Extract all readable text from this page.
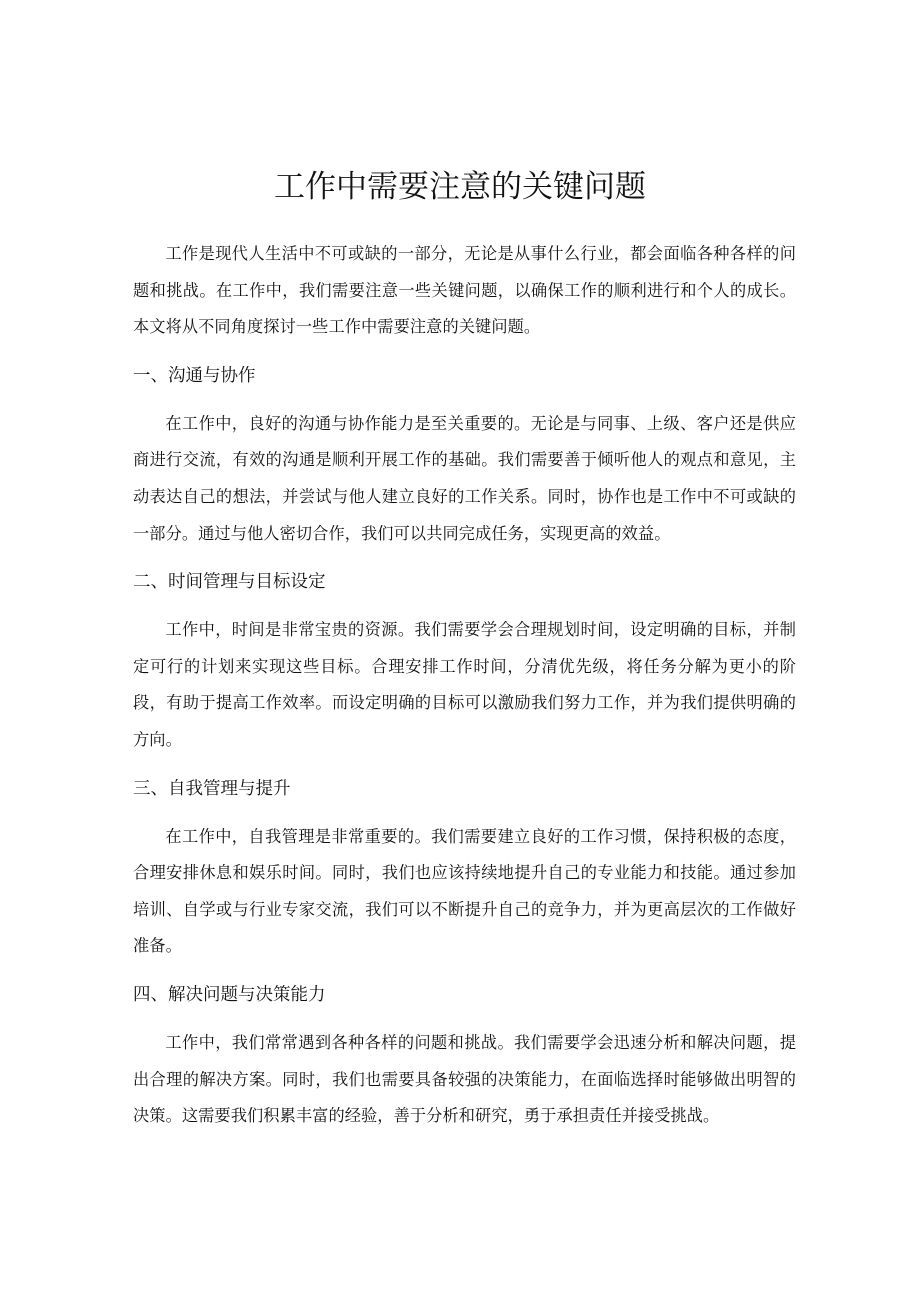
工作中需要注意的关键问题

工作是现代人生活中不可或缺的一部分，无论是从事什么行业，都会面临各种各样的问题和挑战。在工作中，我们需要注意一些关键问题，以确保工作的顺利进行和个人的成长。本文将从不同角度探讨一些工作中需要注意的关键问题。

一、沟通与协作

在工作中，良好的沟通与协作能力是至关重要的。无论是与同事、上级、客户还是供应商进行交流，有效的沟通是顺利开展工作的基础。我们需要善于倾听他人的观点和意见，主动表达自己的想法，并尝试与他人建立良好的工作关系。同时，协作也是工作中不可或缺的一部分。通过与他人密切合作，我们可以共同完成任务，实现更高的效益。

二、时间管理与目标设定

工作中，时间是非常宝贵的资源。我们需要学会合理规划时间，设定明确的目标，并制定可行的计划来实现这些目标。合理安排工作时间，分清优先级，将任务分解为更小的阶段，有助于提高工作效率。而设定明确的目标可以激励我们努力工作，并为我们提供明确的方向。

三、自我管理与提升

在工作中，自我管理是非常重要的。我们需要建立良好的工作习惯，保持积极的态度，合理安排休息和娱乐时间。同时，我们也应该持续地提升自己的专业能力和技能。通过参加培训、自学或与行业专家交流，我们可以不断提升自己的竞争力，并为更高层次的工作做好准备。

四、解决问题与决策能力

工作中，我们常常遇到各种各样的问题和挑战。我们需要学会迅速分析和解决问题，提出合理的解决方案。同时，我们也需要具备较强的决策能力，在面临选择时能够做出明智的决策。这需要我们积累丰富的经验，善于分析和研究，勇于承担责任并接受挑战。
